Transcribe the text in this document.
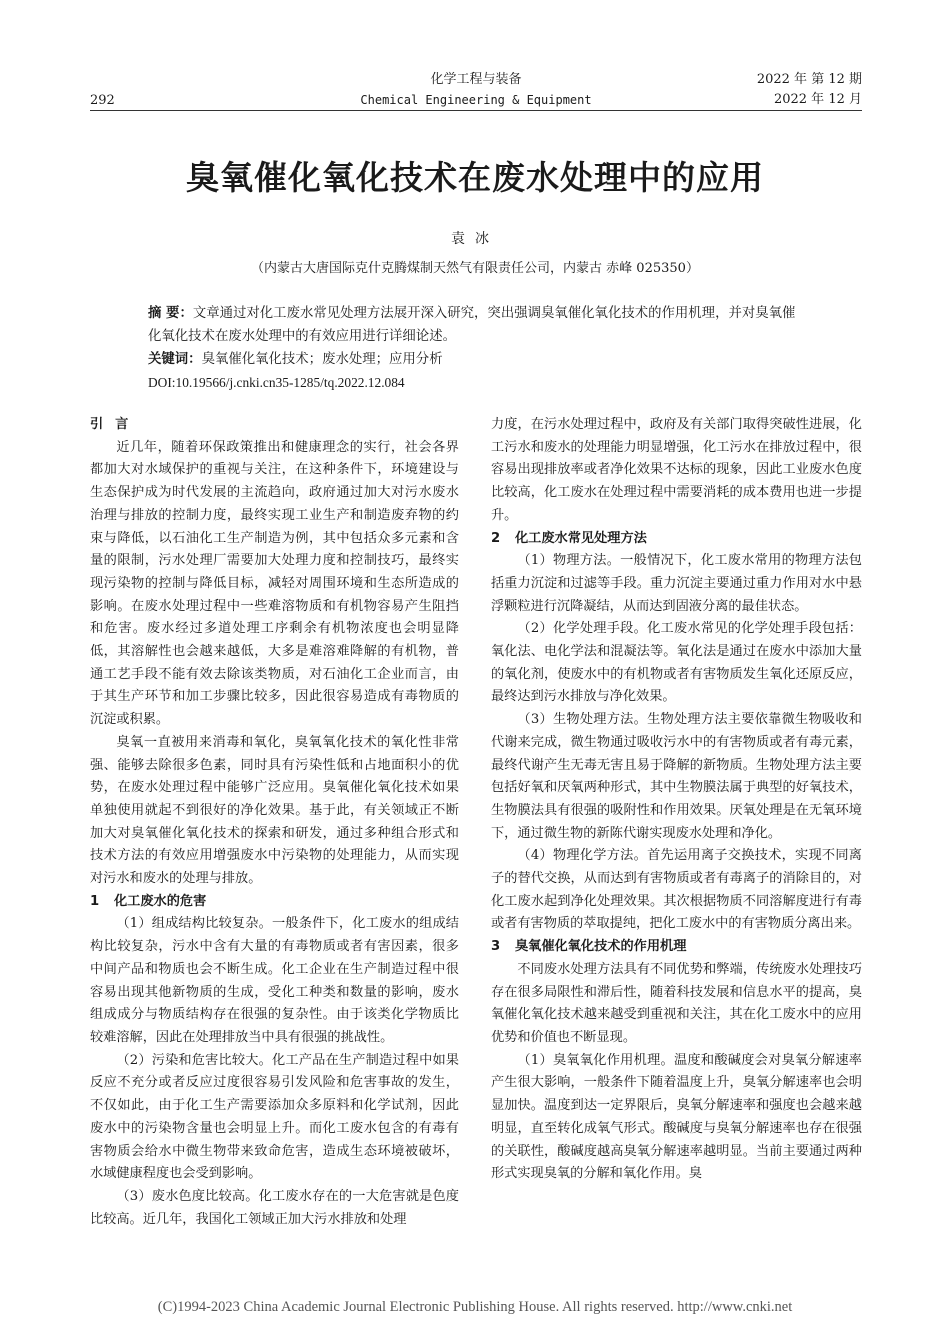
292
化学工程与装备
Chemical Engineering & Equipment
2022 年 第 12 期
2022 年 12 月
臭氧催化氧化技术在废水处理中的应用
袁冰
（内蒙古大唐国际克什克腾煤制天然气有限责任公司，内蒙古 赤峰 025350）

摘 要：文章通过对化工废水常见处理方法展开深入研究，突出强调臭氧催化氧化技术的作用机理，并对臭氧催化氧化技术在废水处理中的有效应用进行详细论述。

关键词：臭氧催化氧化技术；废水处理；应用分析

DOI:10.19566/j.cnki.cn35-1285/tq.2022.12.084

引言

近几年，随着环保政策推出和健康理念的实行，社会各界都加大对水域保护的重视与关注，在这种条件下，环境建设与生态保护成为时代发展的主流趋向，政府通过加大对污水废水治理与排放的控制力度，最终实现工业生产和制造废弃物的约束与降低，以石油化工生产制造为例，其中包括众多元素和含量的限制，污水处理厂需要加大处理力度和控制技巧，最终实现污染物的控制与降低目标，减轻对周围环境和生态所造成的影响。在废水处理过程中一些难溶物质和有机物容易产生阻挡和危害。废水经过多道处理工序剩余有机物浓度也会明显降低，其溶解性也会越来越低，大多是难溶难降解的有机物，普通工艺手段不能有效去除该类物质，对石油化工企业而言，由于其生产环节和加工步骤比较多，因此很容易造成有毒物质的沉淀或积累。

臭氧一直被用来消毒和氧化，臭氧氧化技术的氧化性非常强、能够去除很多色素，同时具有污染性低和占地面积小的优势，在废水处理过程中能够广泛应用。臭氧催化氧化技术如果单独使用就起不到很好的净化效果。基于此，有关领域正不断加大对臭氧催化氧化技术的探索和研发，通过多种组合形式和技术方法的有效应用增强废水中污染物的处理能力，从而实现对污水和废水的处理与排放。

1 化工废水的危害

（1）组成结构比较复杂。一般条件下，化工废水的组成结构比较复杂，污水中含有大量的有毒物质或者有害因素，很多中间产品和物质也会不断生成。化工企业在生产制造过程中很容易出现其他新物质的生成，受化工种类和数量的影响，废水组成成分与物质结构存在很强的复杂性。由于该类化学物质比较难溶解，因此在处理排放当中具有很强的挑战性。

（2）污染和危害比较大。化工产品在生产制造过程中如果反应不充分或者反应过度很容易引发风险和危害事故的发生，不仅如此，由于化工生产需要添加众多原料和化学试剂，因此废水中的污染物含量也会明显上升。而化工废水包含的有毒有害物质会给水中微生物带来致命危害，造成生态环境被破坏，水域健康程度也会受到影响。

（3）废水色度比较高。化工废水存在的一大危害就是色度比较高。近几年，我国化工领域正加大污水排放和处理

力度，在污水处理过程中，政府及有关部门取得突破性进展，化工污水和废水的处理能力明显增强，化工污水在排放过程中，很容易出现排放率或者净化效果不达标的现象，因此工业废水色度比较高，化工废水在处理过程中需要消耗的成本费用也进一步提升。

2 化工废水常见处理方法

（1）物理方法。一般情况下，化工废水常用的物理方法包括重力沉淀和过滤等手段。重力沉淀主要通过重力作用对水中悬浮颗粒进行沉降凝结，从而达到固液分离的最佳状态。

（2）化学处理手段。化工废水常见的化学处理手段包括：氧化法、电化学法和混凝法等。氧化法是通过在废水中添加大量的氧化剂，使废水中的有机物或者有害物质发生氧化还原反应，最终达到污水排放与净化效果。

（3）生物处理方法。生物处理方法主要依靠微生物吸收和代谢来完成，微生物通过吸收污水中的有害物质或者有毒元素，最终代谢产生无毒无害且易于降解的新物质。生物处理方法主要包括好氧和厌氧两种形式，其中生物膜法属于典型的好氧技术，生物膜法具有很强的吸附性和作用效果。厌氧处理是在无氧环境下，通过微生物的新陈代谢实现废水处理和净化。

（4）物理化学方法。首先运用离子交换技术，实现不同离子的替代交换，从而达到有害物质或者有毒离子的消除目的，对化工废水起到净化处理效果。其次根据物质不同溶解度进行有毒或者有害物质的萃取提纯，把化工废水中的有害物质分离出来。

3 臭氧催化氧化技术的作用机理

不同废水处理方法具有不同优势和弊端，传统废水处理技巧存在很多局限性和滞后性，随着科技发展和信息水平的提高，臭氧催化氧化技术越来越受到重视和关注，其在化工废水中的应用优势和价值也不断显现。

（1）臭氧氧化作用机理。温度和酸碱度会对臭氧分解速率产生很大影响，一般条件下随着温度上升，臭氧分解速率也会明显加快。温度到达一定界限后，臭氧分解速率和强度也会越来越明显，直至转化成氧气形式。酸碱度与臭氧分解速率也存在很强的关联性，酸碱度越高臭氧分解速率越明显。当前主要通过两种形式实现臭氧的分解和氧化作用。臭

(C)1994-2023 China Academic Journal Electronic Publishing House. All rights reserved. http://www.cnki.net
